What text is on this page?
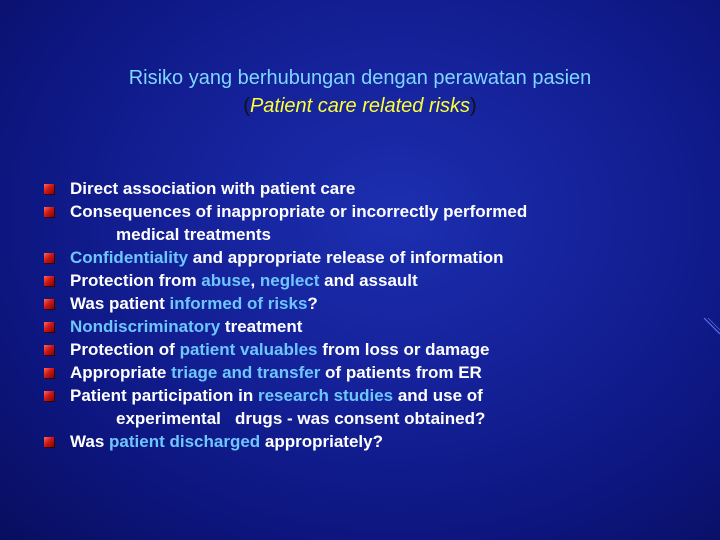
Risiko yang berhubungan dengan perawatan pasien
(Patient care related risks)
Direct association with patient care
Consequences of inappropriate or incorrectly performed
medical treatments
Confidentiality and appropriate release of information
Protection from abuse, neglect and assault
Was patient informed of risks?
Nondiscriminatory treatment
Protection of patient valuables from loss or damage
Appropriate triage and transfer of patients from ER
Patient participation in research studies and use of
experimental   drugs - was consent obtained?
Was patient discharged appropriately?
